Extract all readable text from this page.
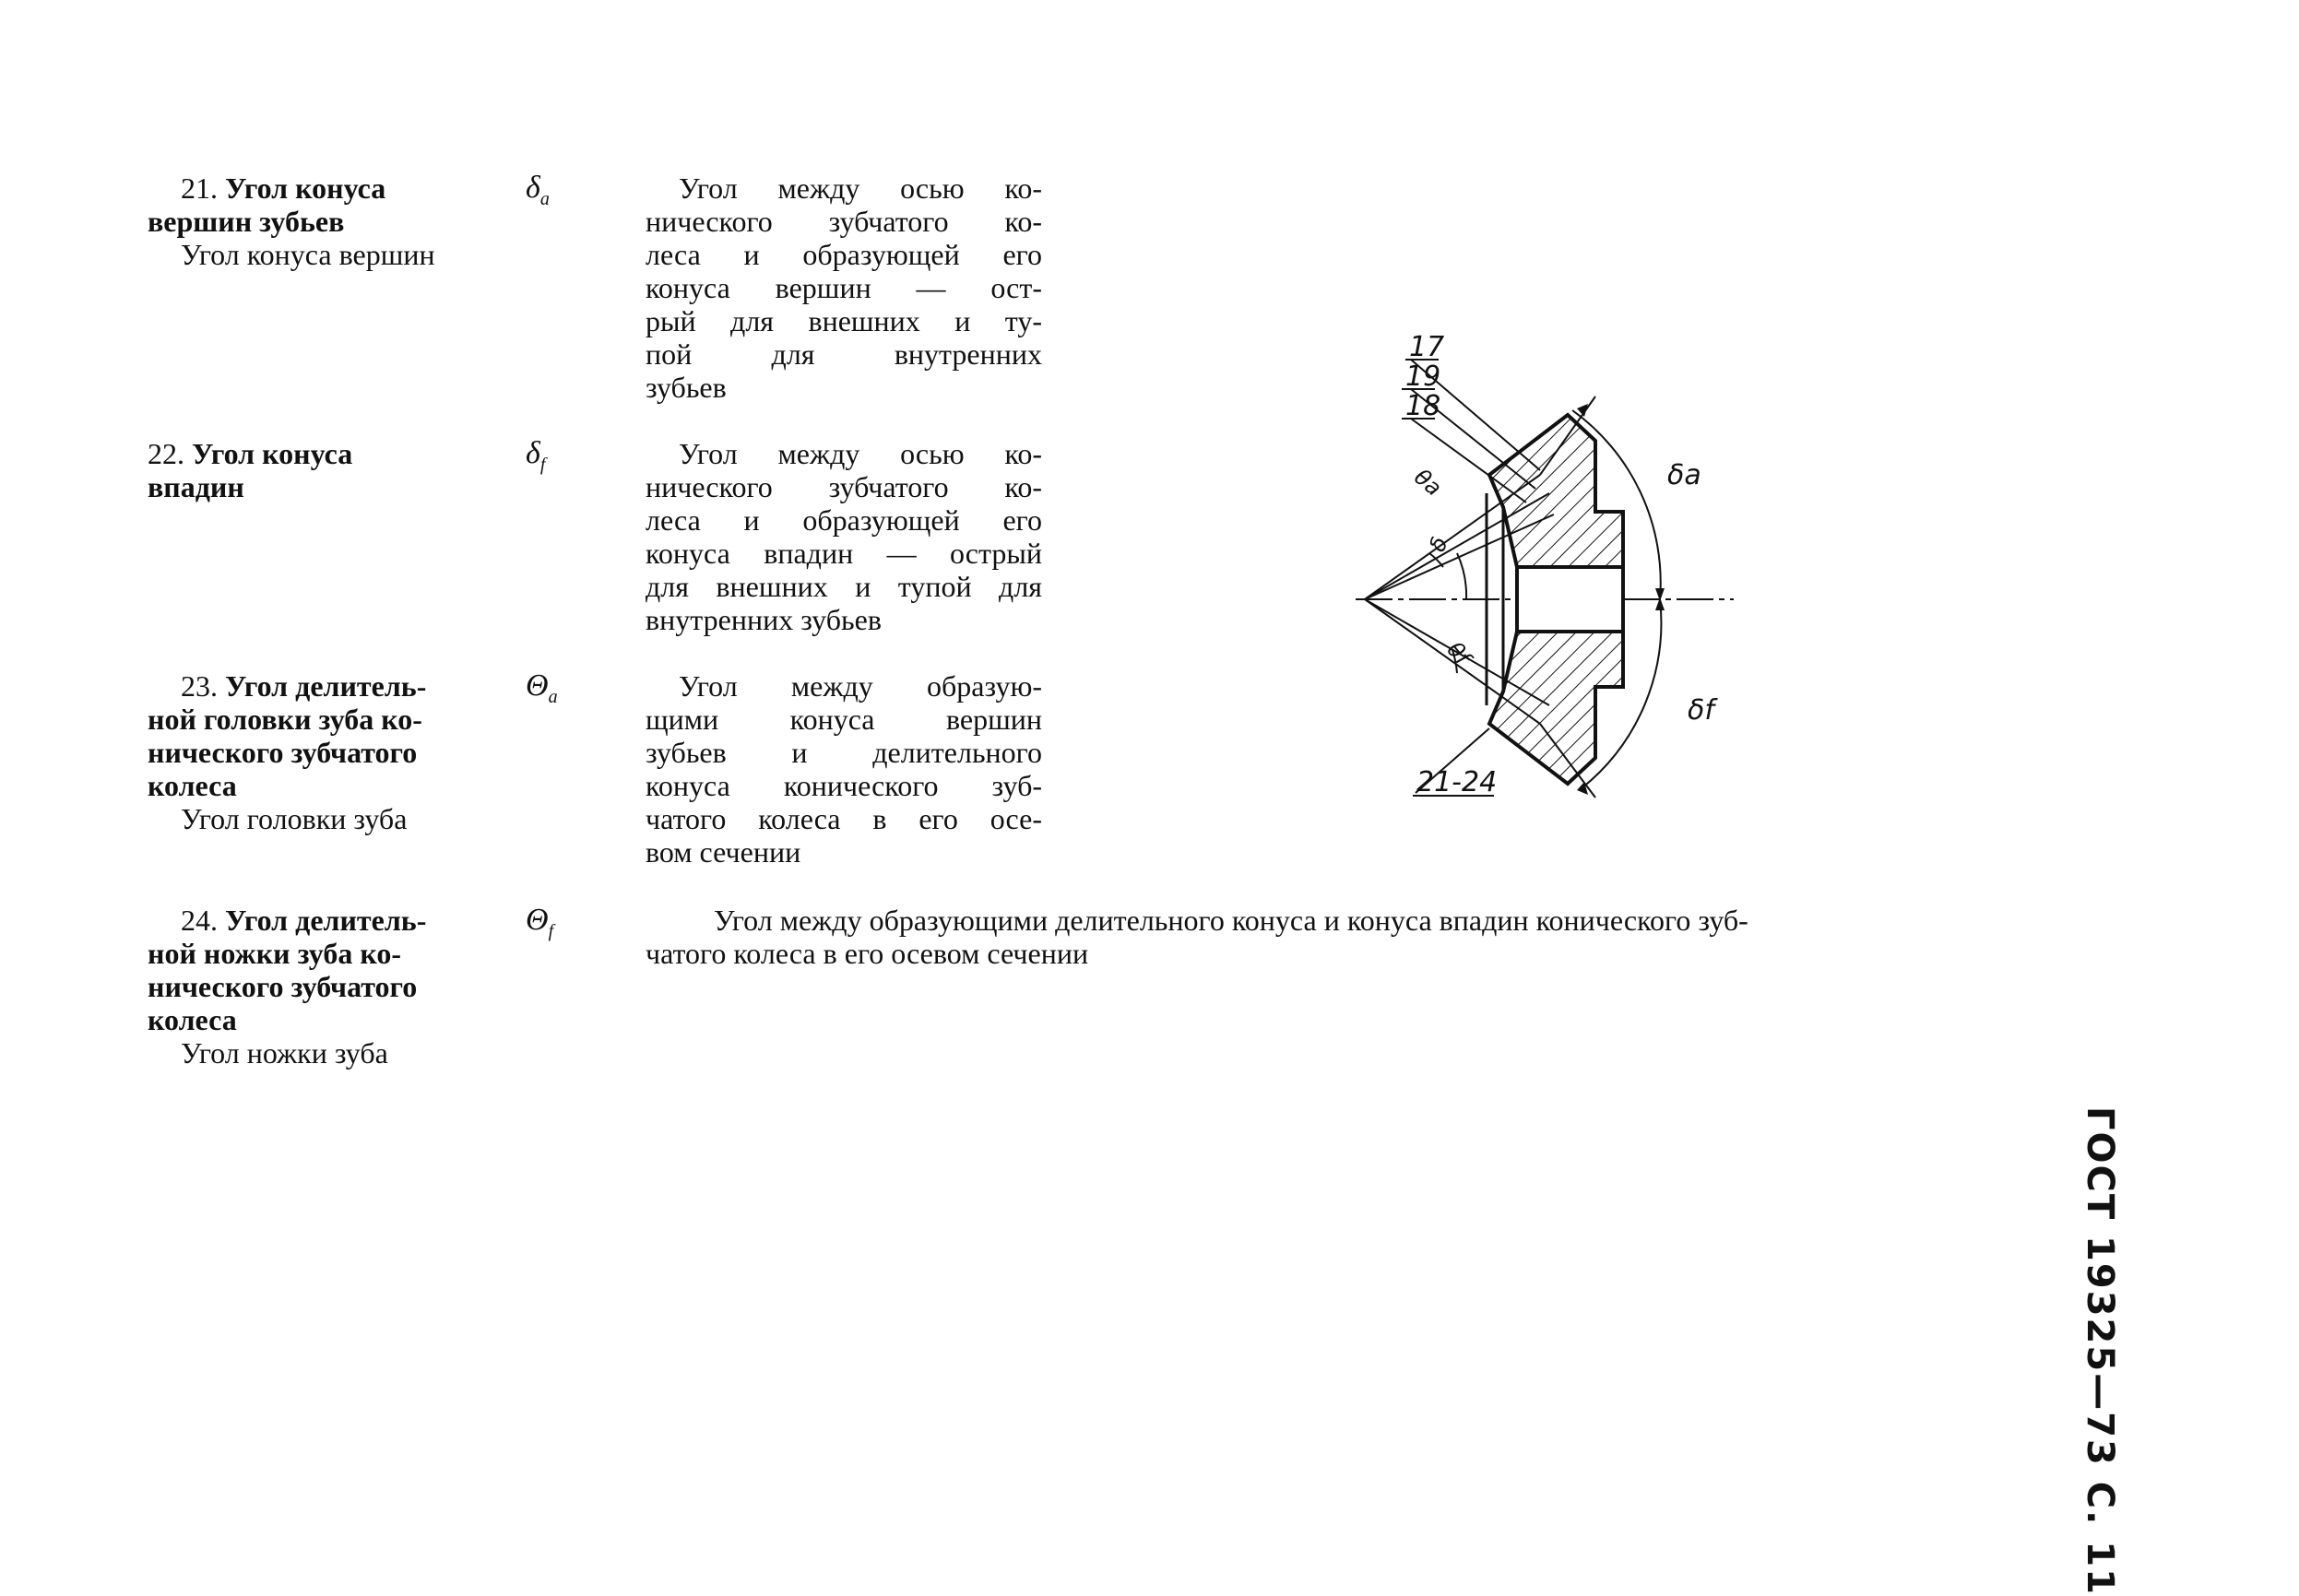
21. Угол конуса
вершин зубьев
Угол конуса вершин
$\delta_a$	Угол между осью ко-
нического зубчатого ко-
леса и образующей его
конуса вершин — ост-
рый для внешних и ту-
пой для внутренних
зубьев
22. Угол конуса
впадин
$\delta_f$	Угол между осью ко-
нического зубчатого ко-
леса и образующей его
конуса впадин — острый
для внешних и тупой для
внутренних зубьев
23. Угол делитель-
ной головки зуба ко-
нического зубчатого
колеса
Угол головки зуба
$\Theta_a$	Угол между образую-
щими конуса вершин
зубьев и делительного
конуса конического зуб-
чатого колеса в его осе-
вом сечении
24. Угол делитель-
ной ножки зуба ко-
нического зубчатого
колеса
Угол ножки зуба
$\Theta_f$	Угол между образующими делительного конуса и конуса впадин конического зуб-
чатого колеса в его осевом сечении
17
19
18
θa
δ
θf
δa
δf
21-24
ГОСТ 19325—73 С. 11
